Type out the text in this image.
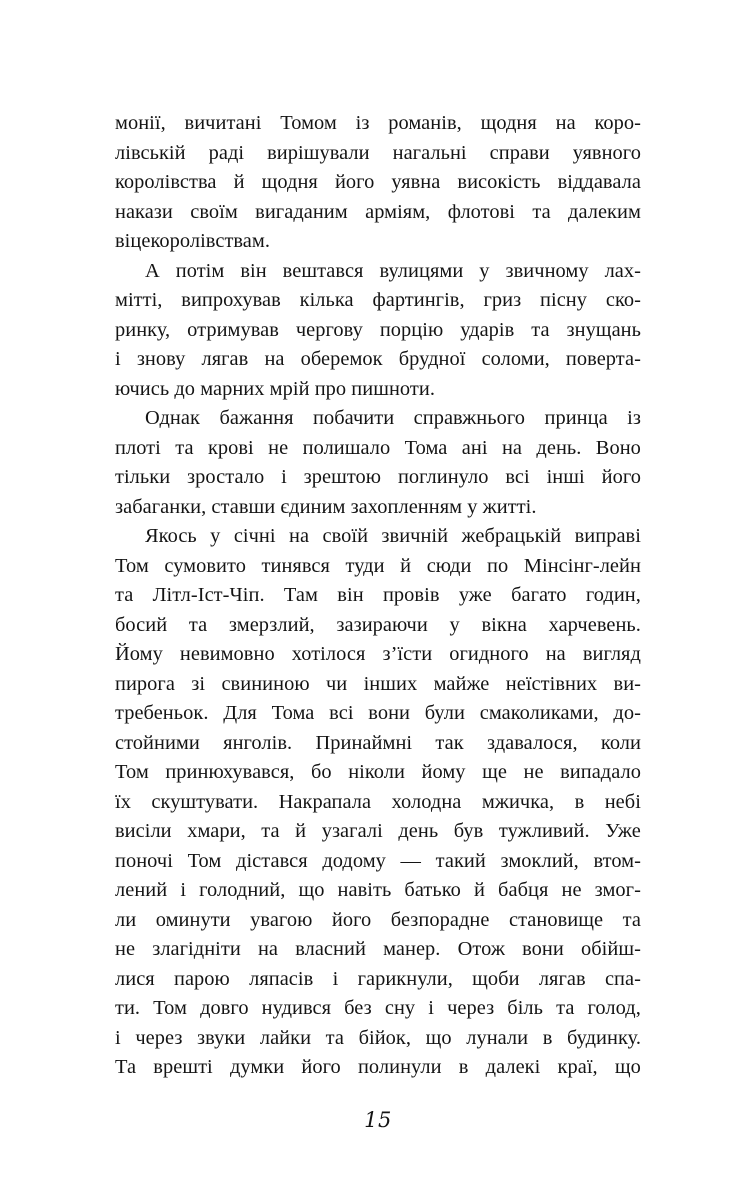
монії, вичитані Томом із романів, щодня на коро-
лівській раді вирішували нагальні справи уявного
королівства й щодня його уявна високість віддавала
накази своїм вигаданим арміям, флотові та далеким
віцекоролівствам.
А потім він вештався вулицями у звичному лах-
мітті, випрохував кілька фартингів, гриз пісну ско-
ринку, отримував чергову порцію ударів та знущань
і знову лягав на оберемок брудної соломи, поверта-
ючись до марних мрій про пишноти.
Однак бажання побачити справжнього принца із
плоті та крові не полишало Тома ані на день. Воно
тільки зростало і зрештою поглинуло всі інші його
забаганки, ставши єдиним захопленням у житті.
Якось у січні на своїй звичній жебрацькій виправі
Том сумовито тинявся туди й сюди по Мінсінг-лейн
та Літл-Іст-Чіп. Там він провів уже багато годин,
босий та змерзлий, зазираючи у вікна харчевень.
Йому невимовно хотілося з’їсти огидного на вигляд
пирога зі свининою чи інших майже неїстівних ви-
требеньок. Для Тома всі вони були смаколиками, до-
стойними янголів. Принаймні так здавалося, коли
Том принюхувався, бо ніколи йому ще не випадало
їх скуштувати. Накрапала холодна мжичка, в небі
висіли хмари, та й узагалі день був тужливий. Уже
поночі Том дістався додому — такий змоклий, втом-
лений і голодний, що навіть батько й бабця не змог-
ли оминути увагою його безпорадне становище та
не злагідніти на власний манер. Отож вони обійш-
лися парою ляпасів і гарикнули, щоби лягав спа-
ти. Том довго нудився без сну і через біль та голод,
і через звуки лайки та бійок, що лунали в будинку.
Та врешті думки його полинули в далекі краї, що
15
